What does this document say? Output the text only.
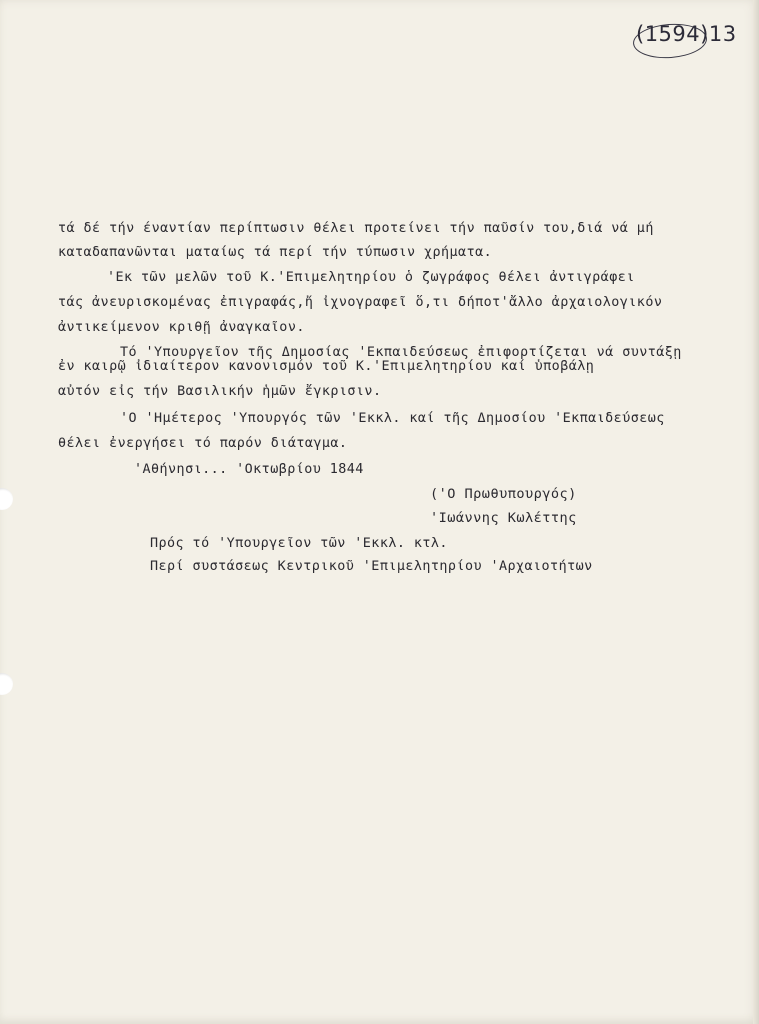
(1594)13
τά δέ τήν έναντίαν περίπτωσιν θέλει προτείνει τήν παῦσίν του,διά νά μή
καταδαπανῶνται ματαίως τά περί τήν τύπωσιν χρήματα.
'Εκ τῶν μελῶν τοῦ Κ.'Επιμελητηρίου ὁ ζωγράφος θέλει ἀντιγράφει
τάς ἀνευρισκομένας ἐπιγραφάς,ἤ ἰχνογραφεῖ ὅ,τι δήποτ'ἄλλο ἀρχαιολογικόν
ἀντικείμενον κριθῇ ἀναγκαῖον.
Τό 'Υπουργεῖον τῆς Δημοσίας 'Εκπαιδεύσεως ἐπιφορτίζεται νά συντάξῃ
ἐν καιρῷ ἰδιαίτερον κανονισμόν τοῦ Κ.'Επιμελητηρίου καί ὑποβάλῃ
αὐτόν εἰς τήν Βασιλικήν ἡμῶν ἔγκρισιν.
'Ο 'Ημέτερος 'Υπουργός τῶν 'Εκκλ. καί τῆς Δημοσίου 'Εκπαιδεύσεως
θέλει ἐνεργήσει τό παρόν διάταγμα.
'Αθήνησι... 'Οκτωβρίου 1844
('Ο Πρωθυπουργός)
'Ιωάννης Κωλέττης
Πρός τό 'Υπουργεῖον τῶν 'Εκκλ. κτλ.
Περί συστάσεως Κεντρικοῦ 'Επιμελητηρίου 'Αρχαιοτήτων
